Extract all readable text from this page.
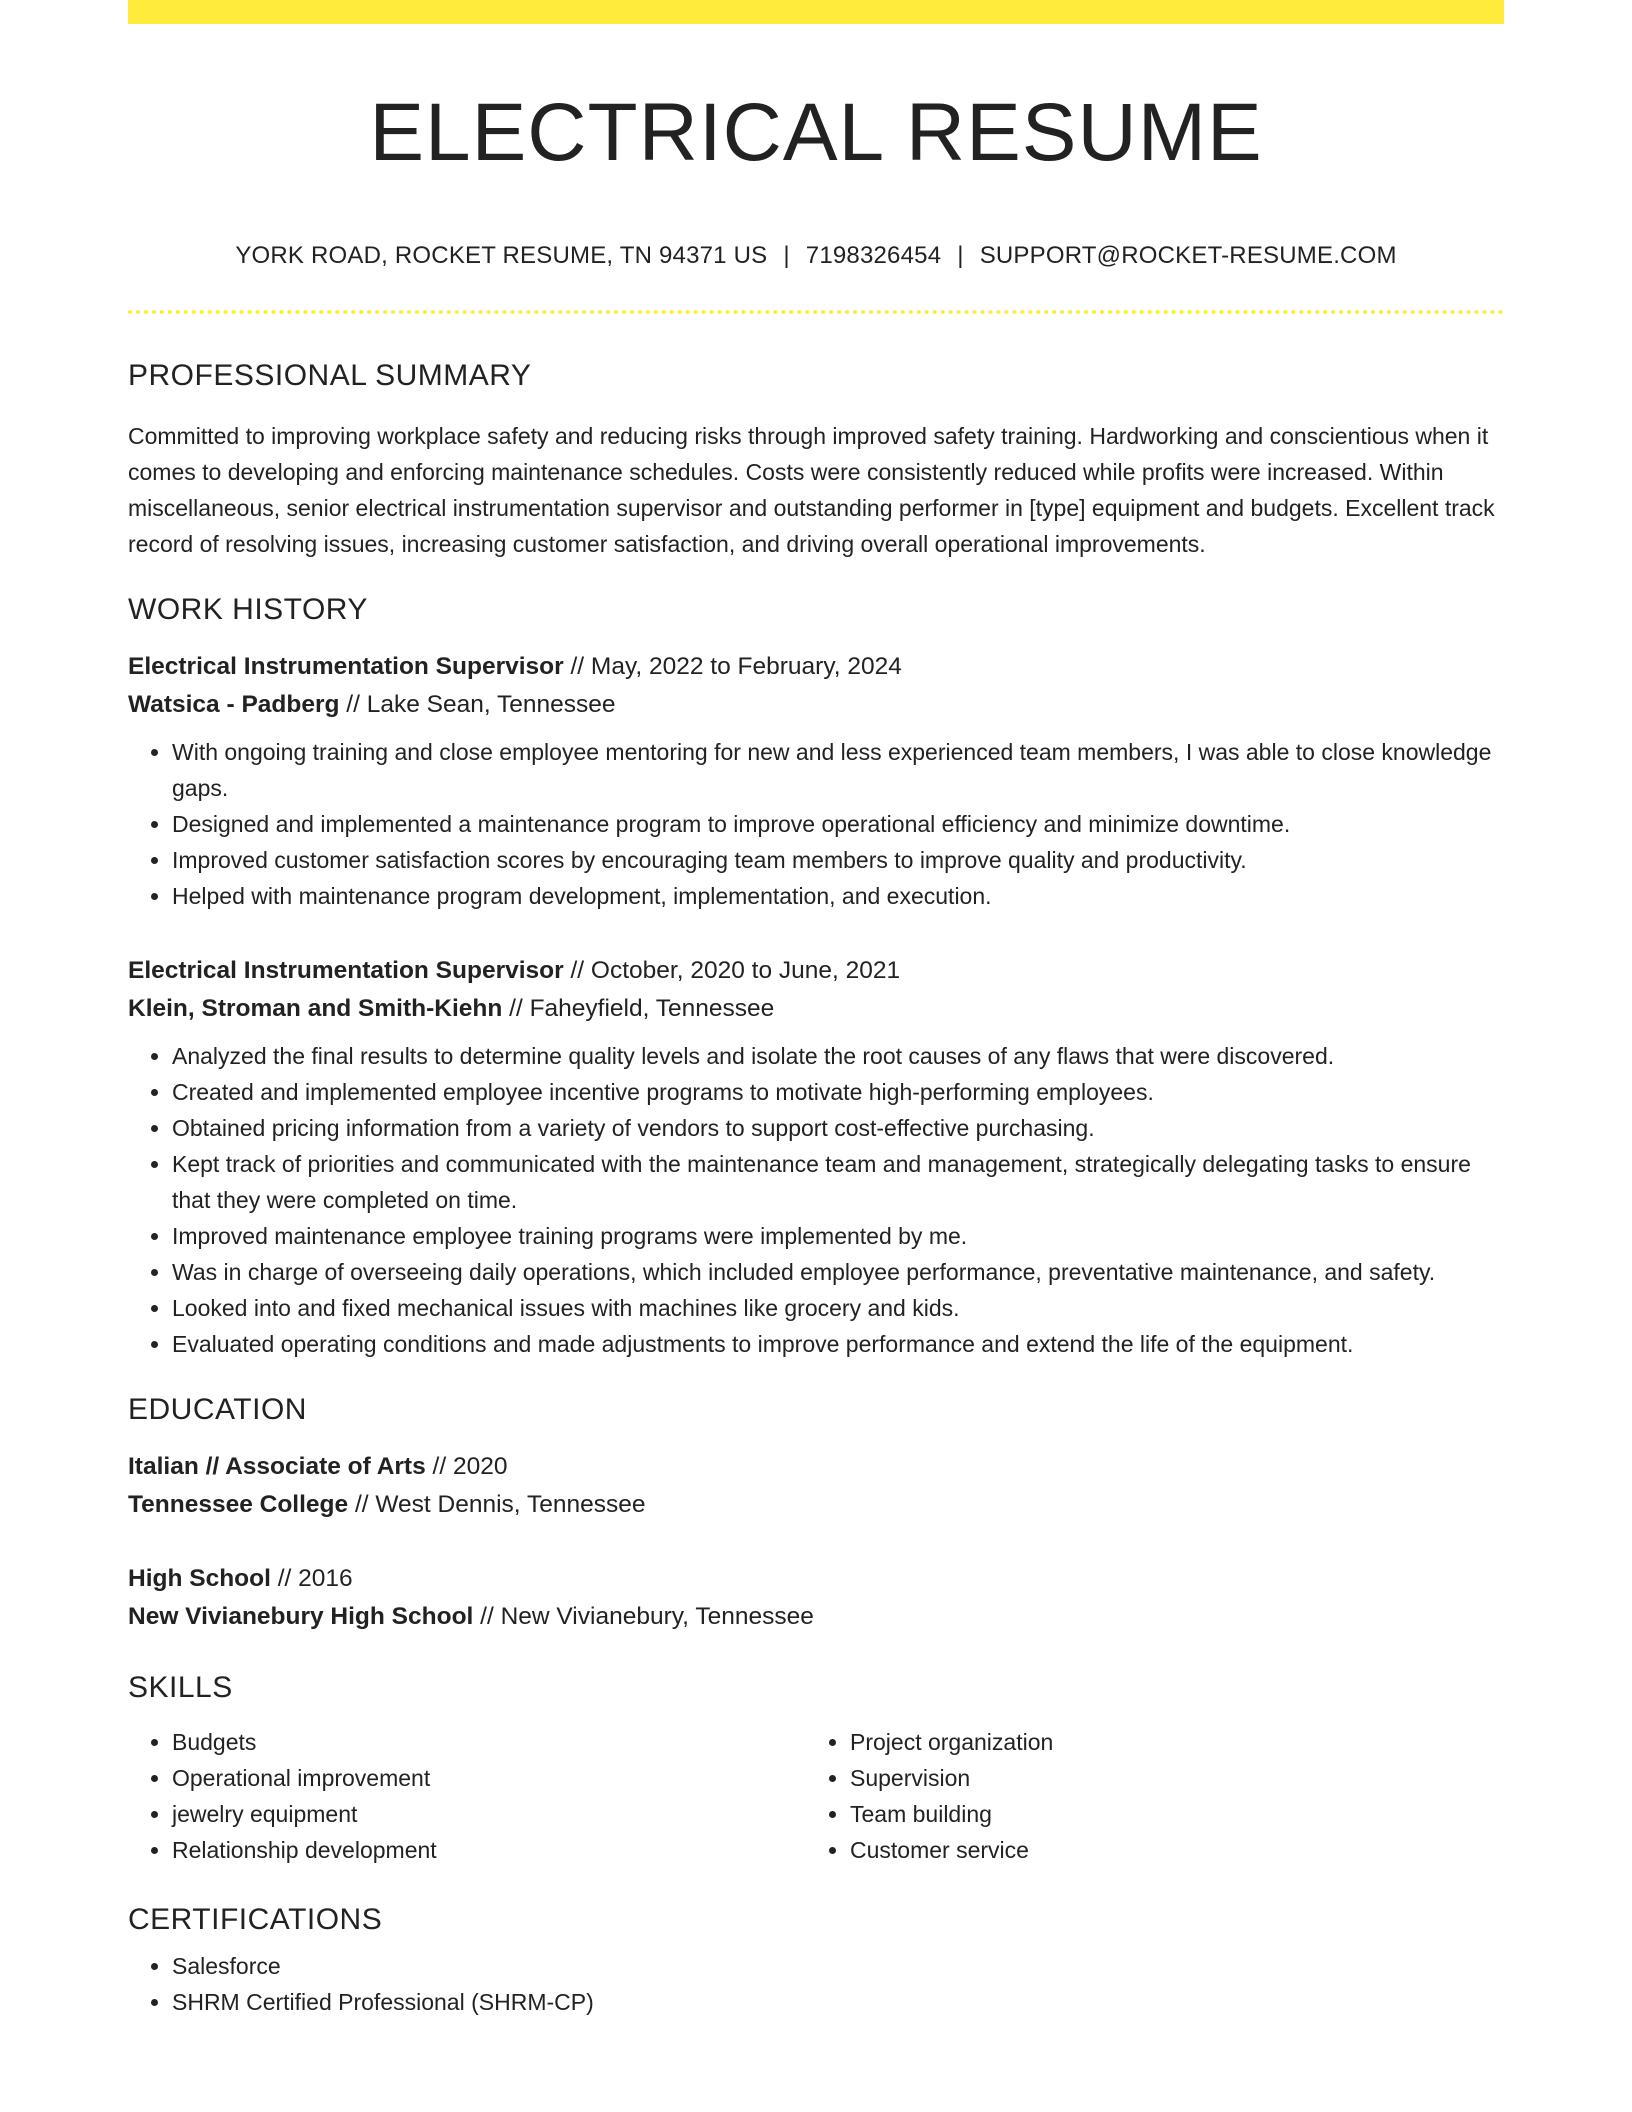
ELECTRICAL RESUME
YORK ROAD, ROCKET RESUME, TN 94371 US | 7198326454 | SUPPORT@ROCKET-RESUME.COM
PROFESSIONAL SUMMARY

Committed to improving workplace safety and reducing risks through improved safety training. Hardworking and conscientious when it comes to developing and enforcing maintenance schedules. Costs were consistently reduced while profits were increased. Within miscellaneous, senior electrical instrumentation supervisor and outstanding performer in [type] equipment and budgets. Excellent track record of resolving issues, increasing customer satisfaction, and driving overall operational improvements.

WORK HISTORY
Electrical Instrumentation Supervisor // May, 2022 to February, 2024
Watsica - Padberg // Lake Sean, Tennessee
• With ongoing training and close employee mentoring for new and less experienced team members, I was able to close knowledge gaps.
• Designed and implemented a maintenance program to improve operational efficiency and minimize downtime.
• Improved customer satisfaction scores by encouraging team members to improve quality and productivity.
• Helped with maintenance program development, implementation, and execution.
Electrical Instrumentation Supervisor // October, 2020 to June, 2021
Klein, Stroman and Smith-Kiehn // Faheyfield, Tennessee
• Analyzed the final results to determine quality levels and isolate the root causes of any flaws that were discovered.
• Created and implemented employee incentive programs to motivate high-performing employees.
• Obtained pricing information from a variety of vendors to support cost-effective purchasing.
• Kept track of priorities and communicated with the maintenance team and management, strategically delegating tasks to ensure that they were completed on time.
• Improved maintenance employee training programs were implemented by me.
• Was in charge of overseeing daily operations, which included employee performance, preventative maintenance, and safety.
• Looked into and fixed mechanical issues with machines like grocery and kids.
• Evaluated operating conditions and made adjustments to improve performance and extend the life of the equipment.
EDUCATION
Italian // Associate of Arts // 2020
Tennessee College // West Dennis, Tennessee
High School // 2016
New Vivianebury High School // New Vivianebury, Tennessee
SKILLS
• Budgets
• Operational improvement
• jewelry equipment
• Relationship development
• Project organization
• Supervision
• Team building
• Customer service
CERTIFICATIONS
• Salesforce
• SHRM Certified Professional (SHRM-CP)
